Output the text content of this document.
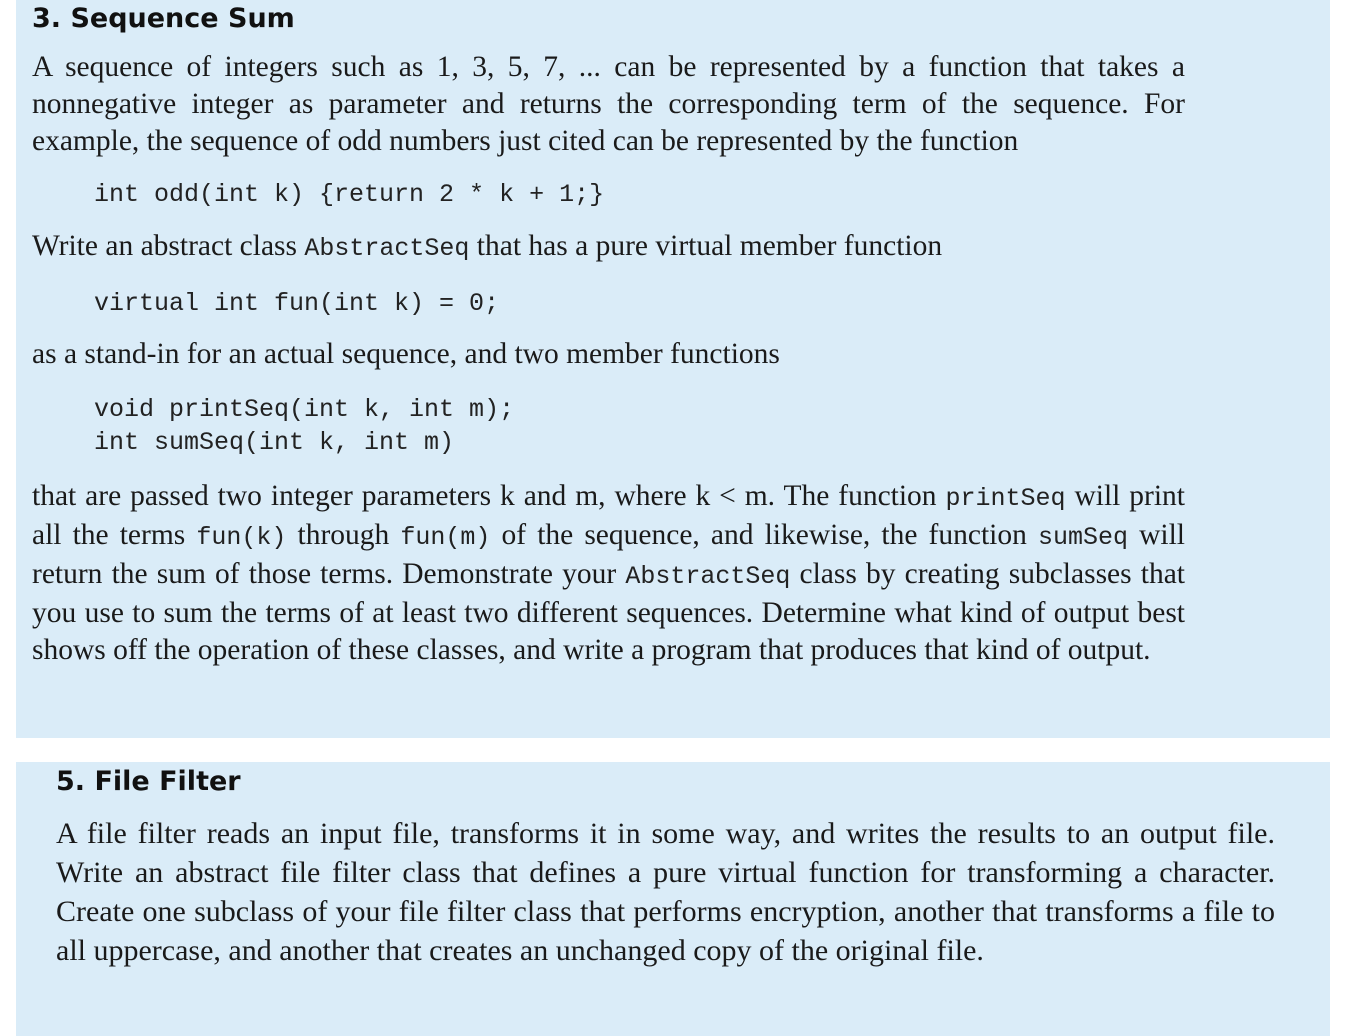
3. Sequence Sum

A sequence of integers such as 1, 3, 5, 7, ... can be represented by a function that takes a nonnegative integer as parameter and returns the corresponding term of the sequence. For example, the sequence of odd numbers just cited can be represented by the function

int odd(int k) {return 2 * k + 1;}

Write an abstract class AbstractSeq that has a pure virtual member function

virtual int fun(int k) = 0;

as a stand-in for an actual sequence, and two member functions

void printSeq(int k, int m);
int sumSeq(int k, int m)

that are passed two integer parameters k and m, where k < m. The function printSeq will print all the terms fun(k) through fun(m) of the sequence, and likewise, the function sumSeq will return the sum of those terms. Demonstrate your AbstractSeq class by creating subclasses that you use to sum the terms of at least two different sequences. Determine what kind of output best shows off the operation of these classes, and write a program that produces that kind of output.

5. File Filter

A file filter reads an input file, transforms it in some way, and writes the results to an output file. Write an abstract file filter class that defines a pure virtual function for transforming a character. Create one subclass of your file filter class that performs encryption, another that transforms a file to all uppercase, and another that creates an unchanged copy of the original file.
